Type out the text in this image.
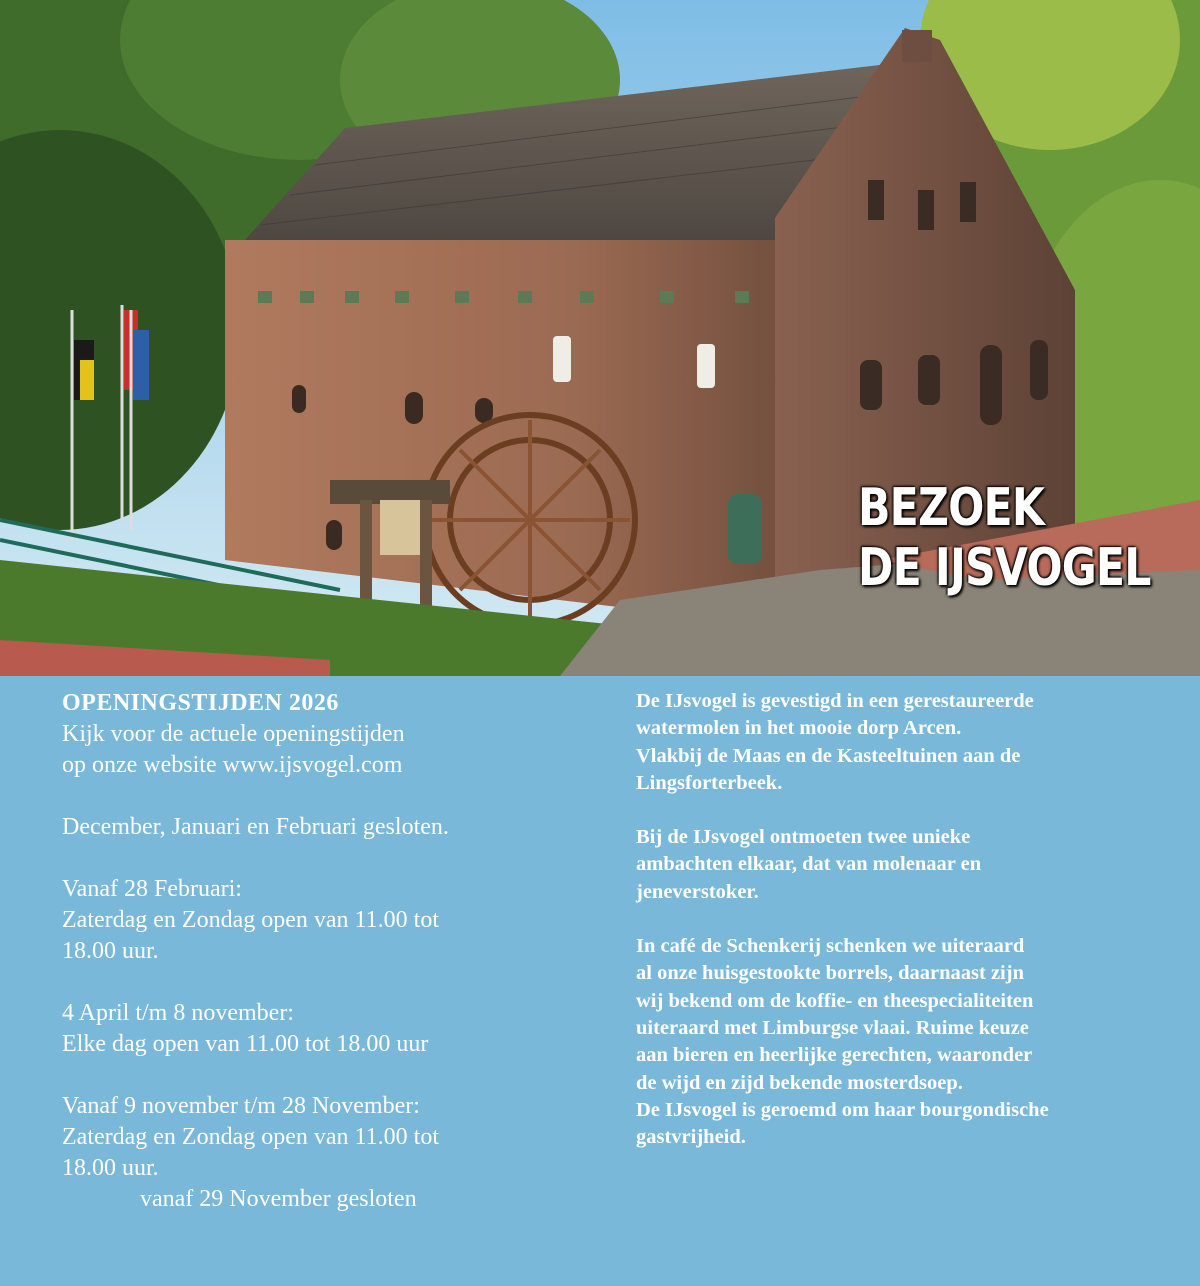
BEZOEK
DE IJSVOGEL

OPENINGSTIJDEN 2026

Kijk voor de actuele openingstijden

op onze website www.ijsvogel.com

December, Januari en Februari gesloten.

Vanaf 28 Februari:

Zaterdag en Zondag open van 11.00 tot

18.00 uur.

4 April t/m 8 november:

Elke dag open van 11.00 tot 18.00 uur

Vanaf 9 november t/m 28 November:

Zaterdag en Zondag open van 11.00 tot

18.00 uur.

vanaf 29 November gesloten

De IJsvogel is gevestigd in een gerestaureerde

watermolen in het mooie dorp Arcen.

Vlakbij de Maas en de Kasteeltuinen aan de

Lingsforterbeek.

Bij de IJsvogel ontmoeten twee unieke

ambachten elkaar, dat van molenaar en

jeneverstoker.

In café de Schenkerij schenken we uiteraard

al onze huisgestookte borrels, daarnaast zijn

wij bekend om de koffie- en theespecialiteiten

uiteraard met Limburgse vlaai. Ruime keuze

aan bieren en heerlijke gerechten, waaronder

de wijd en zijd bekende mosterdsoep.

De IJsvogel is geroemd om haar bourgondische

gastvrijheid.
